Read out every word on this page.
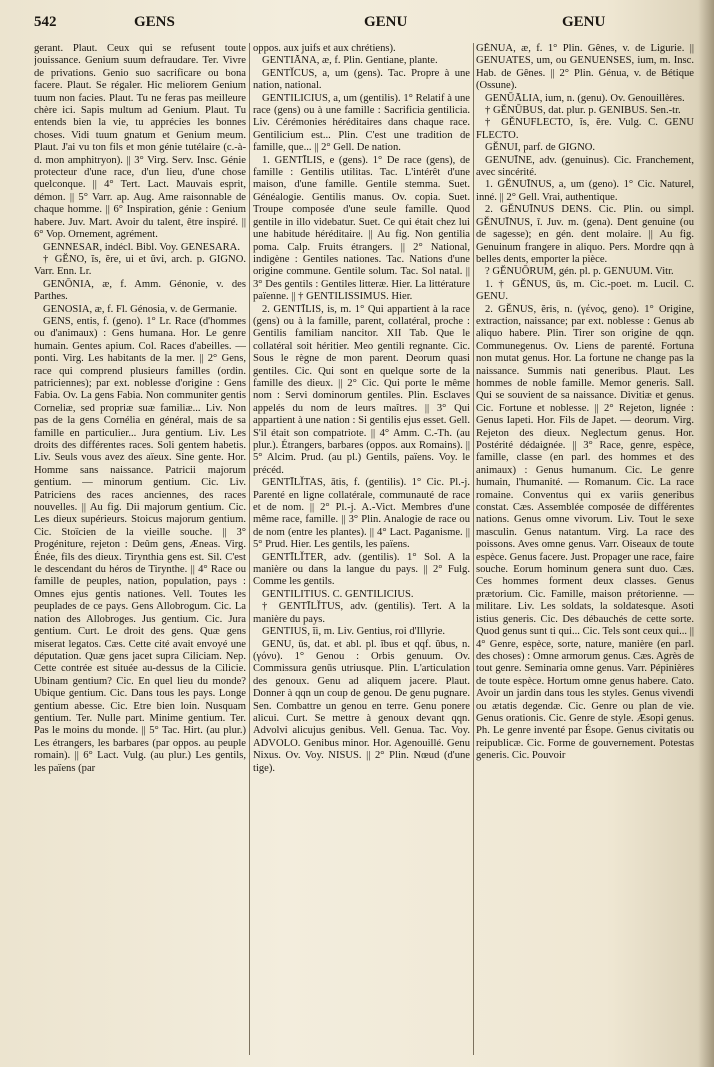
542	GENS	GENU	GENU

gerant. Plaut. Ceux qui se refusent toute jouissance. Genium suum defraudare. Ter. Vivre de privations. Genio suo sacrificare ou bona facere. Plaut. Se régaler. Hic meliorem Genium tuum non facies. Plaut. Tu ne feras pas meilleure chère ici. Sapis multum ad Genium. Plaut. Tu entends bien la vie, tu apprécies les bonnes choses. Vidi tuum gnatum et Genium meum. Plaut. J'ai vu ton fils et mon génie tutélaire (c.-à-d. mon amphitryon). || 3° Virg. Serv. Insc. Génie protecteur d'une race, d'un lieu, d'une chose quelconque. || 4° Tert. Lact. Mauvais esprit, démon. || 5° Varr. ap. Aug. Ame raisonnable de chaque homme. || 6° Inspiration, génie : Genium habere. Juv. Mart. Avoir du talent, être inspiré. || 6° Vop. Ornement, agrément.

GENNESAR, indécl. Bibl. Voy. GENESARA.

† GĔNO, ĭs, ĕre, ui et ŭvi, arch. p. GIGNO. Varr. Enn. Lr.

GENŌNIA, æ, f. Amm. Génonie, v. des Parthes.

GENOSIA, æ, f. Fl. Génosia, v. de Germanie.

GENS, entis, f. (geno). 1° Lr. Race (d'hommes ou d'animaux) : Gens humana. Hor. Le genre humain. Gentes apium. Col. Races d'abeilles. — ponti. Virg. Les habitants de la mer. || 2° Gens, race qui comprend plusieurs familles (ordin. patriciennes); par ext. noblesse d'origine : Gens Fabia. Ov. La gens Fabia. Non communiter gentis Corneliæ, sed propriæ suæ familiæ... Liv. Non pas de la gens Cornélia en général, mais de sa famille en particulier... Jura gentium. Liv. Les droits des différentes races. Soli gentem habetis. Liv. Seuls vous avez des aïeux. Sine gente. Hor. Homme sans naissance. Patricii majorum gentium. — minorum gentium. Cic. Liv. Patriciens des races anciennes, des races nouvelles. || Au fig. Dii majorum gentium. Cic. Les dieux supérieurs. Stoicus majorum gentium. Cic. Stoïcien de la vieille souche. || 3° Progéniture, rejeton : Deûm gens, Æneas. Virg. Énée, fils des dieux. Tirynthia gens est. Sil. C'est le descendant du héros de Tirynthe. || 4° Race ou famille de peuples, nation, population, pays : Omnes ejus gentis nationes. Vell. Toutes les peuplades de ce pays. Gens Allobrogum. Cic. La nation des Allobroges. Jus gentium. Cic. Jura gentium. Curt. Le droit des gens. Quæ gens miserat legatos. Cæs. Cette cité avait envoyé une députation. Quæ gens jacet supra Ciliciam. Nep. Cette contrée est située au-dessus de la Cilicie. Ubinam gentium? Cic. En quel lieu du monde? Ubique gentium. Cic. Dans tous les pays. Longe gentium abesse. Cic. Etre bien loin. Nusquam gentium. Ter. Nulle part. Minime gentium. Ter. Pas le moins du monde. || 5° Tac. Hirt. (au plur.) Les étrangers, les barbares (par oppos. au peuple romain). || 6° Lact. Vulg. (au plur.) Les gentils, les païens (par

oppos. aux juifs et aux chrétiens).

GENTIĀNA, æ, f. Plin. Gentiane, plante.

GENTĬCUS, a, um (gens). Tac. Propre à une nation, national.

GENTILICIUS, a, um (gentilis). 1° Relatif à une race (gens) ou à une famille : Sacrificia gentilicia. Liv. Cérémonies héréditaires dans chaque race. Gentilicium est... Plin. C'est une tradition de famille, que... || 2° Gell. De nation.

1. GENTĪLIS, e (gens). 1° De race (gens), de famille : Gentilis utilitas. Tac. L'intérêt d'une maison, d'une famille. Gentile stemma. Suet. Généalogie. Gentilis manus. Ov. copia. Suet. Troupe composée d'une seule famille. Quod gentile in illo videbatur. Suet. Ce qui était chez lui une habitude héréditaire. || Au fig. Non gentilia poma. Calp. Fruits étrangers. || 2° National, indigène : Gentiles nationes. Tac. Nations d'une origine commune. Gentile solum. Tac. Sol natal. || 3° Des gentils : Gentiles litteræ. Hier. La littérature païenne. || † GENTILISSIMUS. Hier.

2. GENTĪLIS, is, m. 1° Qui appartient à la race (gens) ou à la famille, parent, collatéral, proche : Gentilis familiam nancitor. XII Tab. Que le collatéral soit héritier. Meo gentili regnante. Cic. Sous le règne de mon parent. Deorum quasi gentiles. Cic. Qui sont en quelque sorte de la famille des dieux. || 2° Cic. Qui porte le même nom : Servi dominorum gentiles. Plin. Esclaves appelés du nom de leurs maîtres. || 3° Qui appartient à une nation : Si gentilis ejus esset. Gell. S'il était son compatriote. || 4° Amm. C.-Th. (au plur.). Étrangers, barbares (oppos. aux Romains). || 5° Alcim. Prud. (au pl.) Gentils, païens. Voy. le précéd.

GENTĪLĬTAS, ātis, f. (gentilis). 1° Cic. Pl.-j. Parenté en ligne collatérale, communauté de race et de nom. || 2° Pl.-j. A.-Vict. Membres d'une même race, famille. || 3° Plin. Analogie de race ou de nom (entre les plantes). || 4° Lact. Paganisme. || 5° Prud. Hier. Les gentils, les païens.

GENTĪLĬTER, adv. (gentilis). 1° Sol. A la manière ou dans la langue du pays. || 2° Fulg. Comme les gentils.

GENTILITIUS. C. GENTILICIUS.

† GENTĪLĬTUS, adv. (gentilis). Tert. A la manière du pays.

GENTIUS, ĭi, m. Liv. Gentius, roi d'Illyrie.

GENU, ūs, dat. et abl. pl. ĭbus et qqf. ŭbus, n. (γόνυ). 1° Genou : Orbis genuum. Ov. Commissura genūs utriusque. Plin. L'articulation des genoux. Genu ad aliquem jacere. Plaut. Donner à qqn un coup de genou. De genu pugnare. Sen. Combattre un genou en terre. Genu ponere alicui. Curt. Se mettre à genoux devant qqn. Advolvi alicujus genibus. Vell. Genua. Tac. Voy. ADVOLO. Genibus minor. Hor. Agenouillé. Genu Nixus. Ov. Voy. NISUS. || 2° Plin. Nœud (d'une tige).

GĔNUA, æ, f. 1° Plin. Gênes, v. de Ligurie. || GENUATES, um, ou GENUENSES, ium, m. Insc. Hab. de Gênes. || 2° Plin. Génua, v. de Bétique (Ossune).

GENŪĀLIA, ium, n. (genu). Ov. Genouillères.

† GĔNŪBUS, dat. plur. p. GENIBUS. Sen.-tr.

† GĔNUFLECTO, ĭs, ĕre. Vulg. C. GENU FLECTO.

GĔNUI, parf. de GIGNO.

GENUĪNE, adv. (genuinus). Cic. Franchement, avec sincérité.

1. GĔNUĪNUS, a, um (geno). 1° Cic. Naturel, inné. || 2° Gell. Vrai, authentique.

2. GĔNUĪNUS DENS. Cic. Plin. ou simpl. GĔNUĪNUS, ī. Juv. m. (gena). Dent genuine (ou de sagesse); en gén. dent molaire. || Au fig. Genuinum frangere in aliquo. Pers. Mordre qqn à belles dents, emporter la pièce.

? GĔNUŌRUM, gén. pl. p. GENUUM. Vitr.

1. † GĔNUS, ūs, m. Cic.-poet. m. Lucil. C. GENU.

2. GĔNUS, ĕris, n. (γένος, geno). 1° Origine, extraction, naissance; par ext. noblesse : Genus ab aliquo habere. Plin. Tirer son origine de qqn. Communegenus. Ov. Liens de parenté. Fortuna non mutat genus. Hor. La fortune ne change pas la naissance. Summis nati generibus. Plaut. Les hommes de noble famille. Memor generis. Sall. Qui se souvient de sa naissance. Divitiæ et genus. Cic. Fortune et noblesse. || 2° Rejeton, lignée : Genus Iapeti. Hor. Fils de Japet. — deorum. Virg. Rejeton des dieux. Neglectum genus. Hor. Postérité dédaignée. || 3° Race, genre, espèce, famille, classe (en parl. des hommes et des animaux) : Genus humanum. Cic. Le genre humain, l'humanité. — Romanum. Cic. La race romaine. Conventus qui ex variis generibus constat. Cæs. Assemblée composée de différentes nations. Genus omne vivorum. Liv. Tout le sexe masculin. Genus natantum. Virg. La race des poissons. Aves omne genus. Varr. Oiseaux de toute espèce. Genus facere. Just. Propager une race, faire souche. Eorum hominum genera sunt duo. Cæs. Ces hommes forment deux classes. Genus prætorium. Cic. Famille, maison prétorienne. — militare. Liv. Les soldats, la soldatesque. Asoti istius generis. Cic. Des débauchés de cette sorte. Quod genus sunt ti qui... Cic. Tels sont ceux qui... || 4° Genre, espèce, sorte, nature, manière (en parl. des choses) : Omne armorum genus. Cæs. Agrès de tout genre. Seminaria omne genus. Varr. Pépinières de toute espèce. Hortum omne genus habere. Cato. Avoir un jardin dans tous les styles. Genus vivendi ou ætatis degendæ. Cic. Genre ou plan de vie. Genus orationis. Cic. Genre de style. Æsopi genus. Ph. Le genre inventé par Ésope. Genus civitatis ou reipublicæ. Cic. Forme de gouvernement. Potestas generis. Cic. Pouvoir
